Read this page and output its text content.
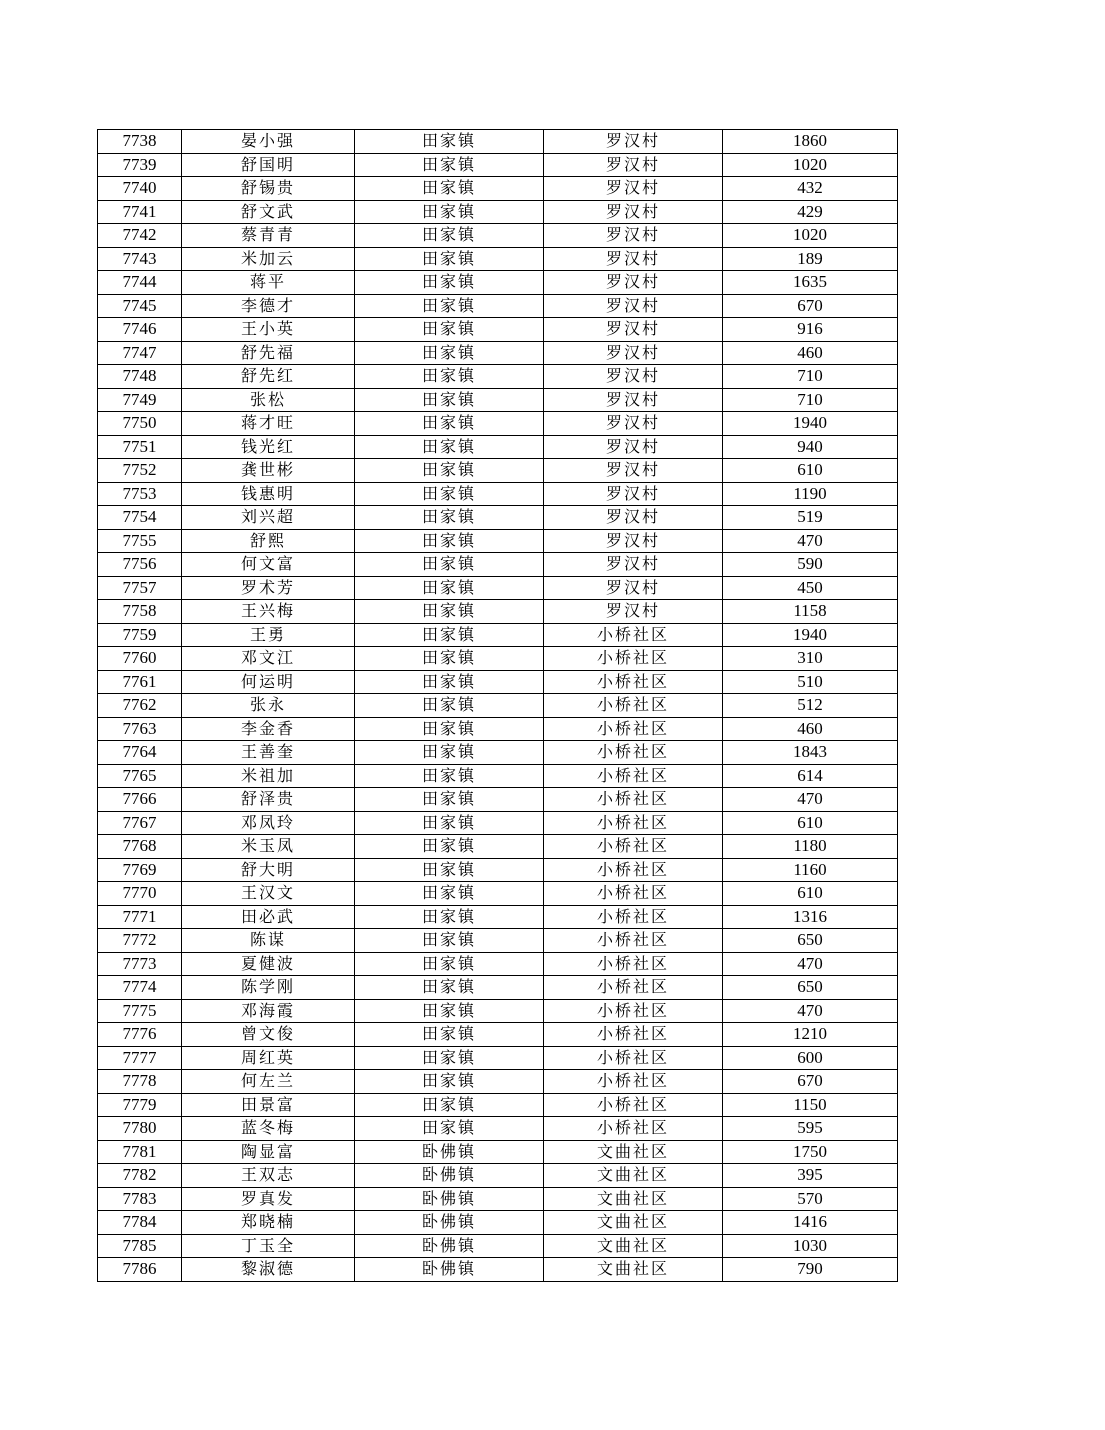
7738	晏小强	田家镇	罗汉村	1860
7739	舒国明	田家镇	罗汉村	1020
7740	舒锡贵	田家镇	罗汉村	432
7741	舒文武	田家镇	罗汉村	429
7742	蔡青青	田家镇	罗汉村	1020
7743	米加云	田家镇	罗汉村	189
7744	蒋平	田家镇	罗汉村	1635
7745	李德才	田家镇	罗汉村	670
7746	王小英	田家镇	罗汉村	916
7747	舒先福	田家镇	罗汉村	460
7748	舒先红	田家镇	罗汉村	710
7749	张松	田家镇	罗汉村	710
7750	蒋才旺	田家镇	罗汉村	1940
7751	钱光红	田家镇	罗汉村	940
7752	龚世彬	田家镇	罗汉村	610
7753	钱惠明	田家镇	罗汉村	1190
7754	刘兴超	田家镇	罗汉村	519
7755	舒熙	田家镇	罗汉村	470
7756	何文富	田家镇	罗汉村	590
7757	罗术芳	田家镇	罗汉村	450
7758	王兴梅	田家镇	罗汉村	1158
7759	王勇	田家镇	小桥社区	1940
7760	邓文江	田家镇	小桥社区	310
7761	何运明	田家镇	小桥社区	510
7762	张永	田家镇	小桥社区	512
7763	李金香	田家镇	小桥社区	460
7764	王善奎	田家镇	小桥社区	1843
7765	米祖加	田家镇	小桥社区	614
7766	舒泽贵	田家镇	小桥社区	470
7767	邓凤玲	田家镇	小桥社区	610
7768	米玉凤	田家镇	小桥社区	1180
7769	舒大明	田家镇	小桥社区	1160
7770	王汉文	田家镇	小桥社区	610
7771	田必武	田家镇	小桥社区	1316
7772	陈谋	田家镇	小桥社区	650
7773	夏健波	田家镇	小桥社区	470
7774	陈学刚	田家镇	小桥社区	650
7775	邓海霞	田家镇	小桥社区	470
7776	曾文俊	田家镇	小桥社区	1210
7777	周红英	田家镇	小桥社区	600
7778	何左兰	田家镇	小桥社区	670
7779	田景富	田家镇	小桥社区	1150
7780	蓝冬梅	田家镇	小桥社区	595
7781	陶显富	卧佛镇	文曲社区	1750
7782	王双志	卧佛镇	文曲社区	395
7783	罗真发	卧佛镇	文曲社区	570
7784	郑晓楠	卧佛镇	文曲社区	1416
7785	丁玉全	卧佛镇	文曲社区	1030
7786	黎淑德	卧佛镇	文曲社区	790
